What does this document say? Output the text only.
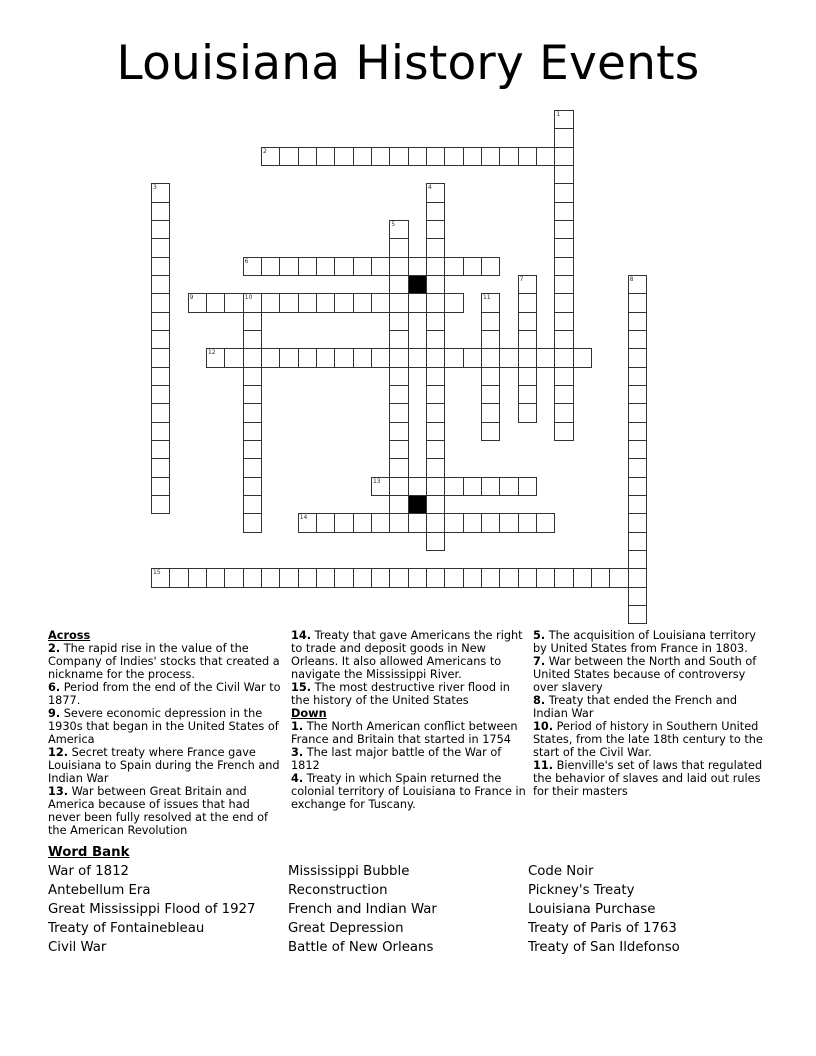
Louisiana History Events
1
2
3	4
5
6
7	8
9	10	11
12
13
14
15
Across
2. The rapid rise in the value of the Company of Indies' stocks that created a nickname for the process.
6. Period from the end of the Civil War to 1877.
9. Severe economic depression in the 1930s that began in the United States of America
12. Secret treaty where France gave Louisiana to Spain during the French and Indian War
13. War between Great Britain and America because of issues that had never been fully resolved at the end of the American Revolution
14. Treaty that gave Americans the right to trade and deposit goods in New Orleans. It also allowed Americans to navigate the Mississippi River.
15. The most destructive river flood in the history of the United States
Down
1. The North American conflict between France and Britain that started in 1754
3. The last major battle of the War of 1812
4. Treaty in which Spain returned the colonial territory of Louisiana to France in exchange for Tuscany.
5. The acquisition of Louisiana territory by United States from France in 1803.
7. War between the North and South of United States because of controversy over slavery
8. Treaty that ended the French and Indian War
10. Period of history in Southern United States, from the late 18th century to the start of the Civil War.
11. Bienville's set of laws that regulated the behavior of slaves and laid out rules for their masters
Word Bank
War of 1812
Antebellum Era
Great Mississippi Flood of 1927
Treaty of Fontainebleau
Civil War
Mississippi Bubble
Reconstruction
French and Indian War
Great Depression
Battle of New Orleans
Code Noir
Pickney's Treaty
Louisiana Purchase
Treaty of Paris of 1763
Treaty of San Ildefonso
